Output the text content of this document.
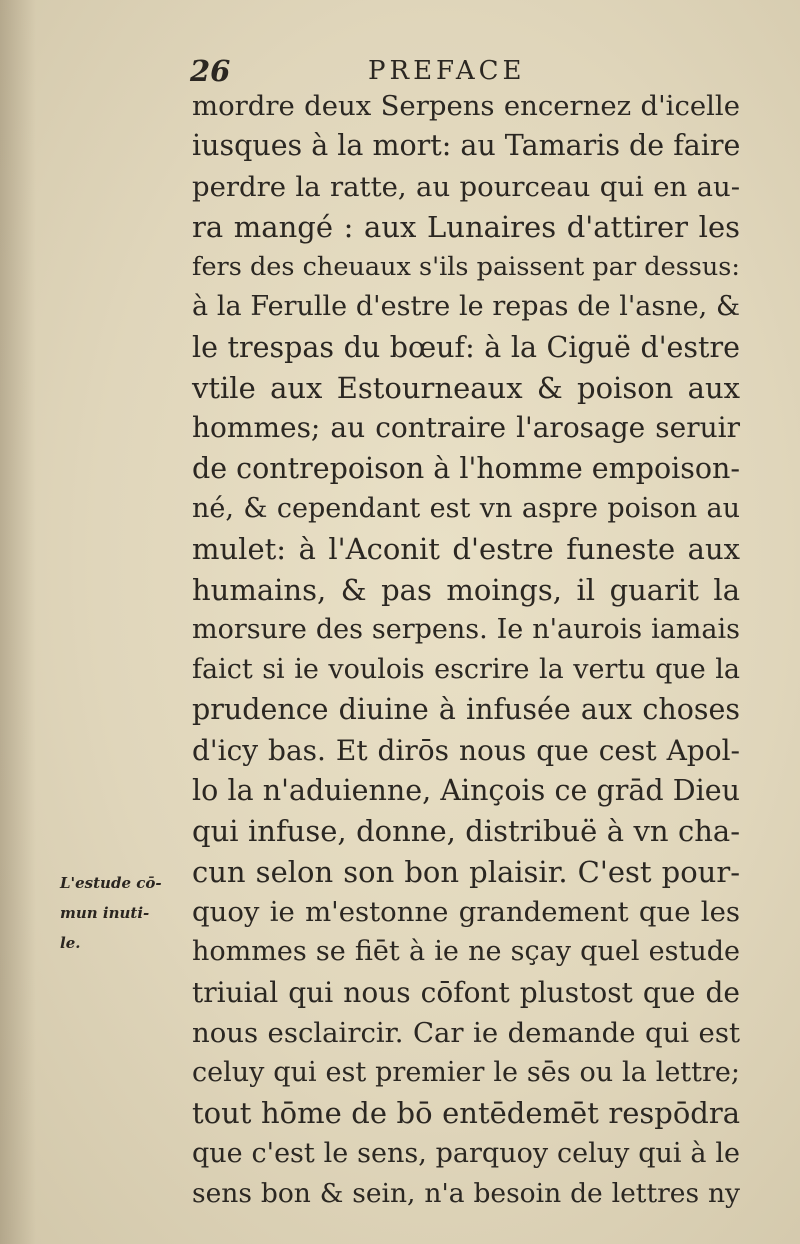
26	PREFACE
L'estude cō-
mun inuti-
le.
mordre deux Serpens encernez d'icelle
iusques à la mort: au Tamaris de faire
perdre la ratte, au pourceau qui en au-
ra mangé : aux Lunaires d'attirer les
fers des cheuaux s'ils paissent par dessus:
à la Ferulle d'estre le repas de l'asne, &
le trespas du bœuf: à la Ciguë d'estre
vtile aux Estourneaux & poison aux
hommes; au contraire l'arosage seruir
de contrepoison à l'homme empoison-
né, & cependant est vn aspre poison au
mulet: à l'Aconit d'estre funeste aux
humains, & pas moings, il guarit la
morsure des serpens. Ie n'aurois iamais
faict si ie voulois escrire la vertu que la
prudence diuine à infusée aux choses
d'icy bas. Et dirōs nous que cest Apol-
lo la n'aduienne, Ainçois ce grād Dieu
qui infuse, donne, distribuë à vn cha-
cun selon son bon plaisir. C'est pour-
quoy ie m'estonne grandement que les
hommes se fiēt à ie ne sçay quel estude
triuial qui nous cōfont plustost que de
nous esclaircir. Car ie demande qui est
celuy qui est premier le sēs ou la lettre;
tout hōme de bō entēdemēt respōdra
que c'est le sens, parquoy celuy qui à le
sens bon & sein, n'a besoin de lettres ny
